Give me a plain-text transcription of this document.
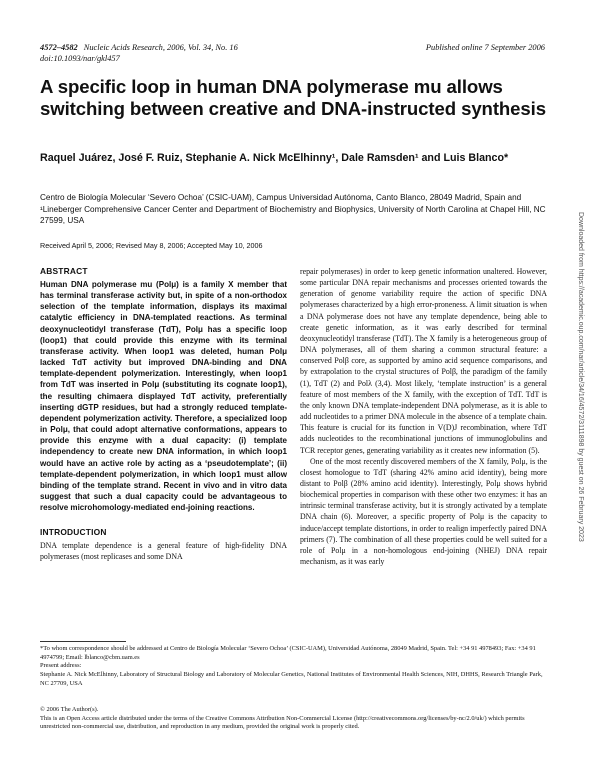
4572–4582 Nucleic Acids Research, 2006, Vol. 34, No. 16	Published online 7 September 2006
doi:10.1093/nar/gkl457
A specific loop in human DNA polymerase mu allows switching between creative and DNA-instructed synthesis

Raquel Juárez, José F. Ruiz, Stephanie A. Nick McElhinny¹, Dale Ramsden¹ and Luis Blanco*

Centro de Biología Molecular ‘Severo Ochoa’ (CSIC-UAM), Campus Universidad Autónoma, Canto Blanco, 28049 Madrid, Spain and ¹Lineberger Comprehensive Cancer Center and Department of Biochemistry and Biophysics, University of North Carolina at Chapel Hill, NC 27599, USA

Received April 5, 2006; Revised May 8, 2006; Accepted May 10, 2006

ABSTRACT

Human DNA polymerase mu (Polμ) is a family X member that has terminal transferase activity but, in spite of a non-orthodox selection of the template information, displays its maximal catalytic efficiency in DNA-templated reactions. As terminal deoxynucleotidyl transferase (TdT), Polμ has a specific loop (loop1) that could provide this enzyme with its terminal transferase activity. When loop1 was deleted, human Polμ lacked TdT activity but improved DNA-binding and DNA template-dependent polymerization. Interestingly, when loop1 from TdT was inserted in Polμ (substituting its cognate loop1), the resulting chimaera displayed TdT activity, preferentially inserting dGTP residues, but had a strongly reduced template-dependent polymerization activity. Therefore, a specialized loop in Polμ, that could adopt alternative conformations, appears to provide this enzyme with a dual capacity: (i) template independency to create new DNA information, in which loop1 would have an active role by acting as a ‘pseudotemplate’; (ii) template-dependent polymerization, in which loop1 must allow binding of the template strand. Recent in vivo and in vitro data suggest that such a dual capacity could be advantageous to resolve microhomology-mediated end-joining reactions.

INTRODUCTION

DNA template dependence is a general feature of high-fidelity DNA polymerases (most replicases and some DNA

repair polymerases) in order to keep genetic information unaltered. However, some particular DNA repair mechanisms and processes oriented towards the generation of genome variability require the action of specific DNA polymerases characterized by a high error-proneness. A limit situation is when a DNA polymerase does not have any template dependence, being able to create genetic information, as it was early described for terminal deoxynucleotidyl transferase (TdT). The X family is a heterogeneous group of DNA polymerases, all of them sharing a common structural feature: a conserved Polβ core, as supported by amino acid sequence comparisons, and by extrapolation to the crystal structures of Polβ, the paradigm of the family (1), TdT (2) and Polλ (3,4). Most likely, ‘template instruction’ is a general feature of most members of the X family, with the exception of TdT. TdT is the only known DNA template-independent DNA polymerase, as it is able to add nucleotides to a primer DNA molecule in the absence of a template chain. This feature is crucial for its function in V(D)J recombination, where TdT adds nucleotides to the recombinational junctions of immunoglobulins and TCR receptor genes, generating variability as it creates new information (5).

One of the most recently discovered members of the X family, Polμ, is the closest homologue to TdT (sharing 42% amino acid identity), being more distant to Polβ (28% amino acid identity). Interestingly, Polμ shows hybrid biochemical properties in comparison with these other two enzymes: it has an intrinsic terminal transferase activity, but it is strongly activated by a template DNA chain (6). Moreover, a specific property of Polμ is the capacity to induce/accept template distortions, in order to realign imperfectly paired DNA primers (7). The combination of all these properties could be well suited for a role of Polμ in a non-homologous end-joining (NHEJ) DNA repair mechanism, as it was early

*To whom correspondence should be addressed at Centro de Biología Molecular ‘Severo Ochoa’ (CSIC-UAM), Universidad Autónoma, 28049 Madrid, Spain. Tel: +34 91 4978493; Fax: +34 91 4974799; Email: lblanco@cbm.uam.es

Present address:

Stephanie A. Nick McElhinny, Laboratory of Structural Biology and Laboratory of Molecular Genetics, National Institutes of Environmental Health Sciences, NIH, DHHS, Research Triangle Park, NC 27709, USA

© 2006 The Author(s).

This is an Open Access article distributed under the terms of the Creative Commons Attribution Non-Commercial License (http://creativecommons.org/licenses/by-nc/2.0/uk/) which permits unrestricted non-commercial use, distribution, and reproduction in any medium, provided the original work is properly cited.

Downloaded from https://academic.oup.com/nar/article/34/16/4572/3111898 by guest on 26 February 2023
